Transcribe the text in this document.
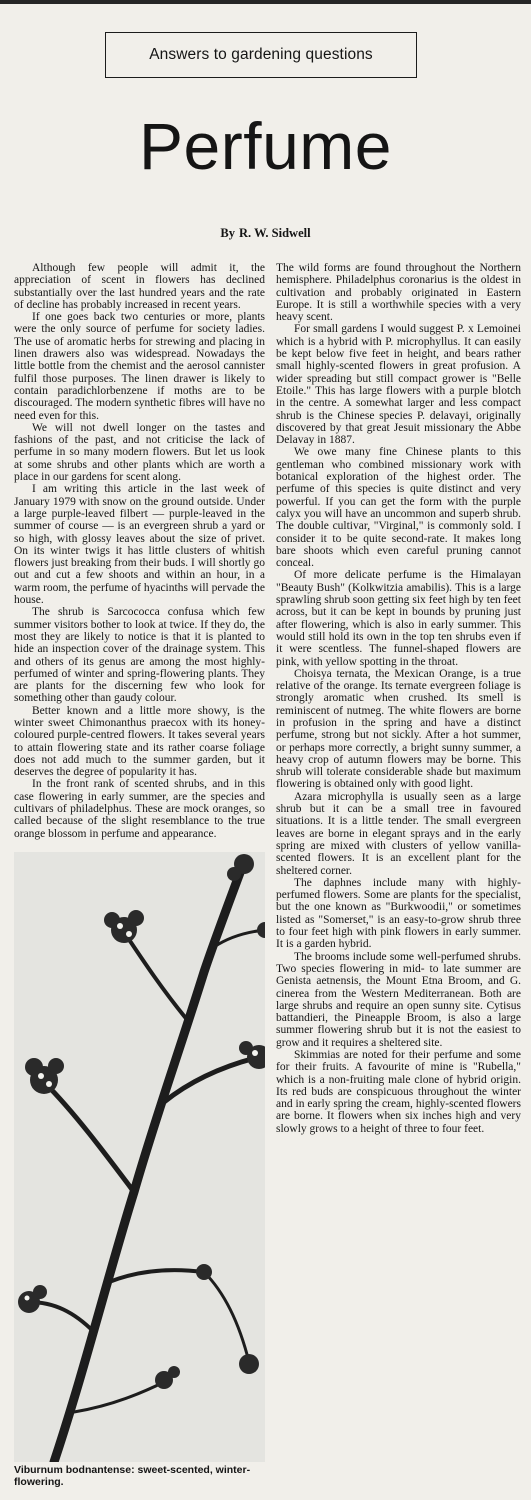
Answers to gardening questions
Perfume
By R. W. Sidwell

Although few people will admit it, the appreciation of scent in flowers has declined substantially over the last hundred years and the rate of decline has probably increased in recent years.

If one goes back two centuries or more, plants were the only source of perfume for society ladies. The use of aromatic herbs for strewing and placing in linen drawers also was widespread. Nowadays the little bottle from the chemist and the aerosol cannister fulfil those purposes. The linen drawer is likely to contain paradichlorbenzene if moths are to be discouraged. The modern synthetic fibres will have no need even for this.

We will not dwell longer on the tastes and fashions of the past, and not criticise the lack of perfume in so many modern flowers. But let us look at some shrubs and other plants which are worth a place in our gardens for scent along.

I am writing this article in the last week of January 1979 with snow on the ground outside. Under a large purple-leaved filbert — purple-leaved in the summer of course — is an evergreen shrub a yard or so high, with glossy leaves about the size of privet. On its winter twigs it has little clusters of whitish flowers just breaking from their buds. I will shortly go out and cut a few shoots and within an hour, in a warm room, the perfume of hyacinths will pervade the house.

The shrub is Sarcococca confusa which few summer visitors bother to look at twice. If they do, the most they are likely to notice is that it is planted to hide an inspection cover of the drainage system. This and others of its genus are among the most highly-perfumed of winter and spring-flowering plants. They are plants for the discerning few who look for something other than gaudy colour.

Better known and a little more showy, is the winter sweet Chimonanthus praecox with its honey-coloured purple-centred flowers. It takes several years to attain flowering state and its rather coarse foliage does not add much to the summer garden, but it deserves the degree of popularity it has.

In the front rank of scented shrubs, and in this case flowering in early summer, are the species and cultivars of philadelphus. These are mock oranges, so called because of the slight resemblance to the true orange blossom in perfume and appearance.

Viburnum bodnantense: sweet-scented, winter-flowering.

The wild forms are found throughout the Northern hemisphere. Philadelphus coronarius is the oldest in cultivation and probably originated in Eastern Europe. It is still a worthwhile species with a very heavy scent.

For small gardens I would suggest P. x Lemoinei which is a hybrid with P. microphyllus. It can easily be kept below five feet in height, and bears rather small highly-scented flowers in great profusion. A wider spreading but still compact grower is "Belle Etoile." This has large flowers with a purple blotch in the centre. A somewhat larger and less compact shrub is the Chinese species P. delavayi, originally discovered by that great Jesuit missionary the Abbe Delavay in 1887.

We owe many fine Chinese plants to this gentleman who combined missionary work with botanical exploration of the highest order. The perfume of this species is quite distinct and very powerful. If you can get the form with the purple calyx you will have an uncommon and superb shrub. The double cultivar, "Virginal," is commonly sold. I consider it to be quite second-rate. It makes long bare shoots which even careful pruning cannot conceal.

Of more delicate perfume is the Himalayan "Beauty Bush" (Kolkwitzia amabilis). This is a large sprawling shrub soon getting six feet high by ten feet across, but it can be kept in bounds by pruning just after flowering, which is also in early summer. This would still hold its own in the top ten shrubs even if it were scentless. The funnel-shaped flowers are pink, with yellow spotting in the throat.

Choisya ternata, the Mexican Orange, is a true relative of the orange. Its ternate evergreen foliage is strongly aromatic when crushed. Its smell is reminiscent of nutmeg. The white flowers are borne in profusion in the spring and have a distinct perfume, strong but not sickly. After a hot summer, or perhaps more correctly, a bright sunny summer, a heavy crop of autumn flowers may be borne. This shrub will tolerate considerable shade but maximum flowering is obtained only with good light.

Azara microphylla is usually seen as a large shrub but it can be a small tree in favoured situations. It is a little tender. The small evergreen leaves are borne in elegant sprays and in the early spring are mixed with clusters of yellow vanilla-scented flowers. It is an excellent plant for the sheltered corner.

The daphnes include many with highly-perfumed flowers. Some are plants for the specialist, but the one known as "Burkwoodii," or sometimes listed as "Somerset," is an easy-to-grow shrub three to four feet high with pink flowers in early summer. It is a garden hybrid.

The brooms include some well-perfumed shrubs. Two species flowering in mid- to late summer are Genista aetnensis, the Mount Etna Broom, and G. cinerea from the Western Mediterranean. Both are large shrubs and require an open sunny site. Cytisus battandieri, the Pineapple Broom, is also a large summer flowering shrub but it is not the easiest to grow and it requires a sheltered site.

Skimmias are noted for their perfume and some for their fruits. A favourite of mine is "Rubella," which is a non-fruiting male clone of hybrid origin. Its red buds are conspicuous throughout the winter and in early spring the cream, highly-scented flowers are borne. It flowers when six inches high and very slowly grows to a height of three to four feet.
